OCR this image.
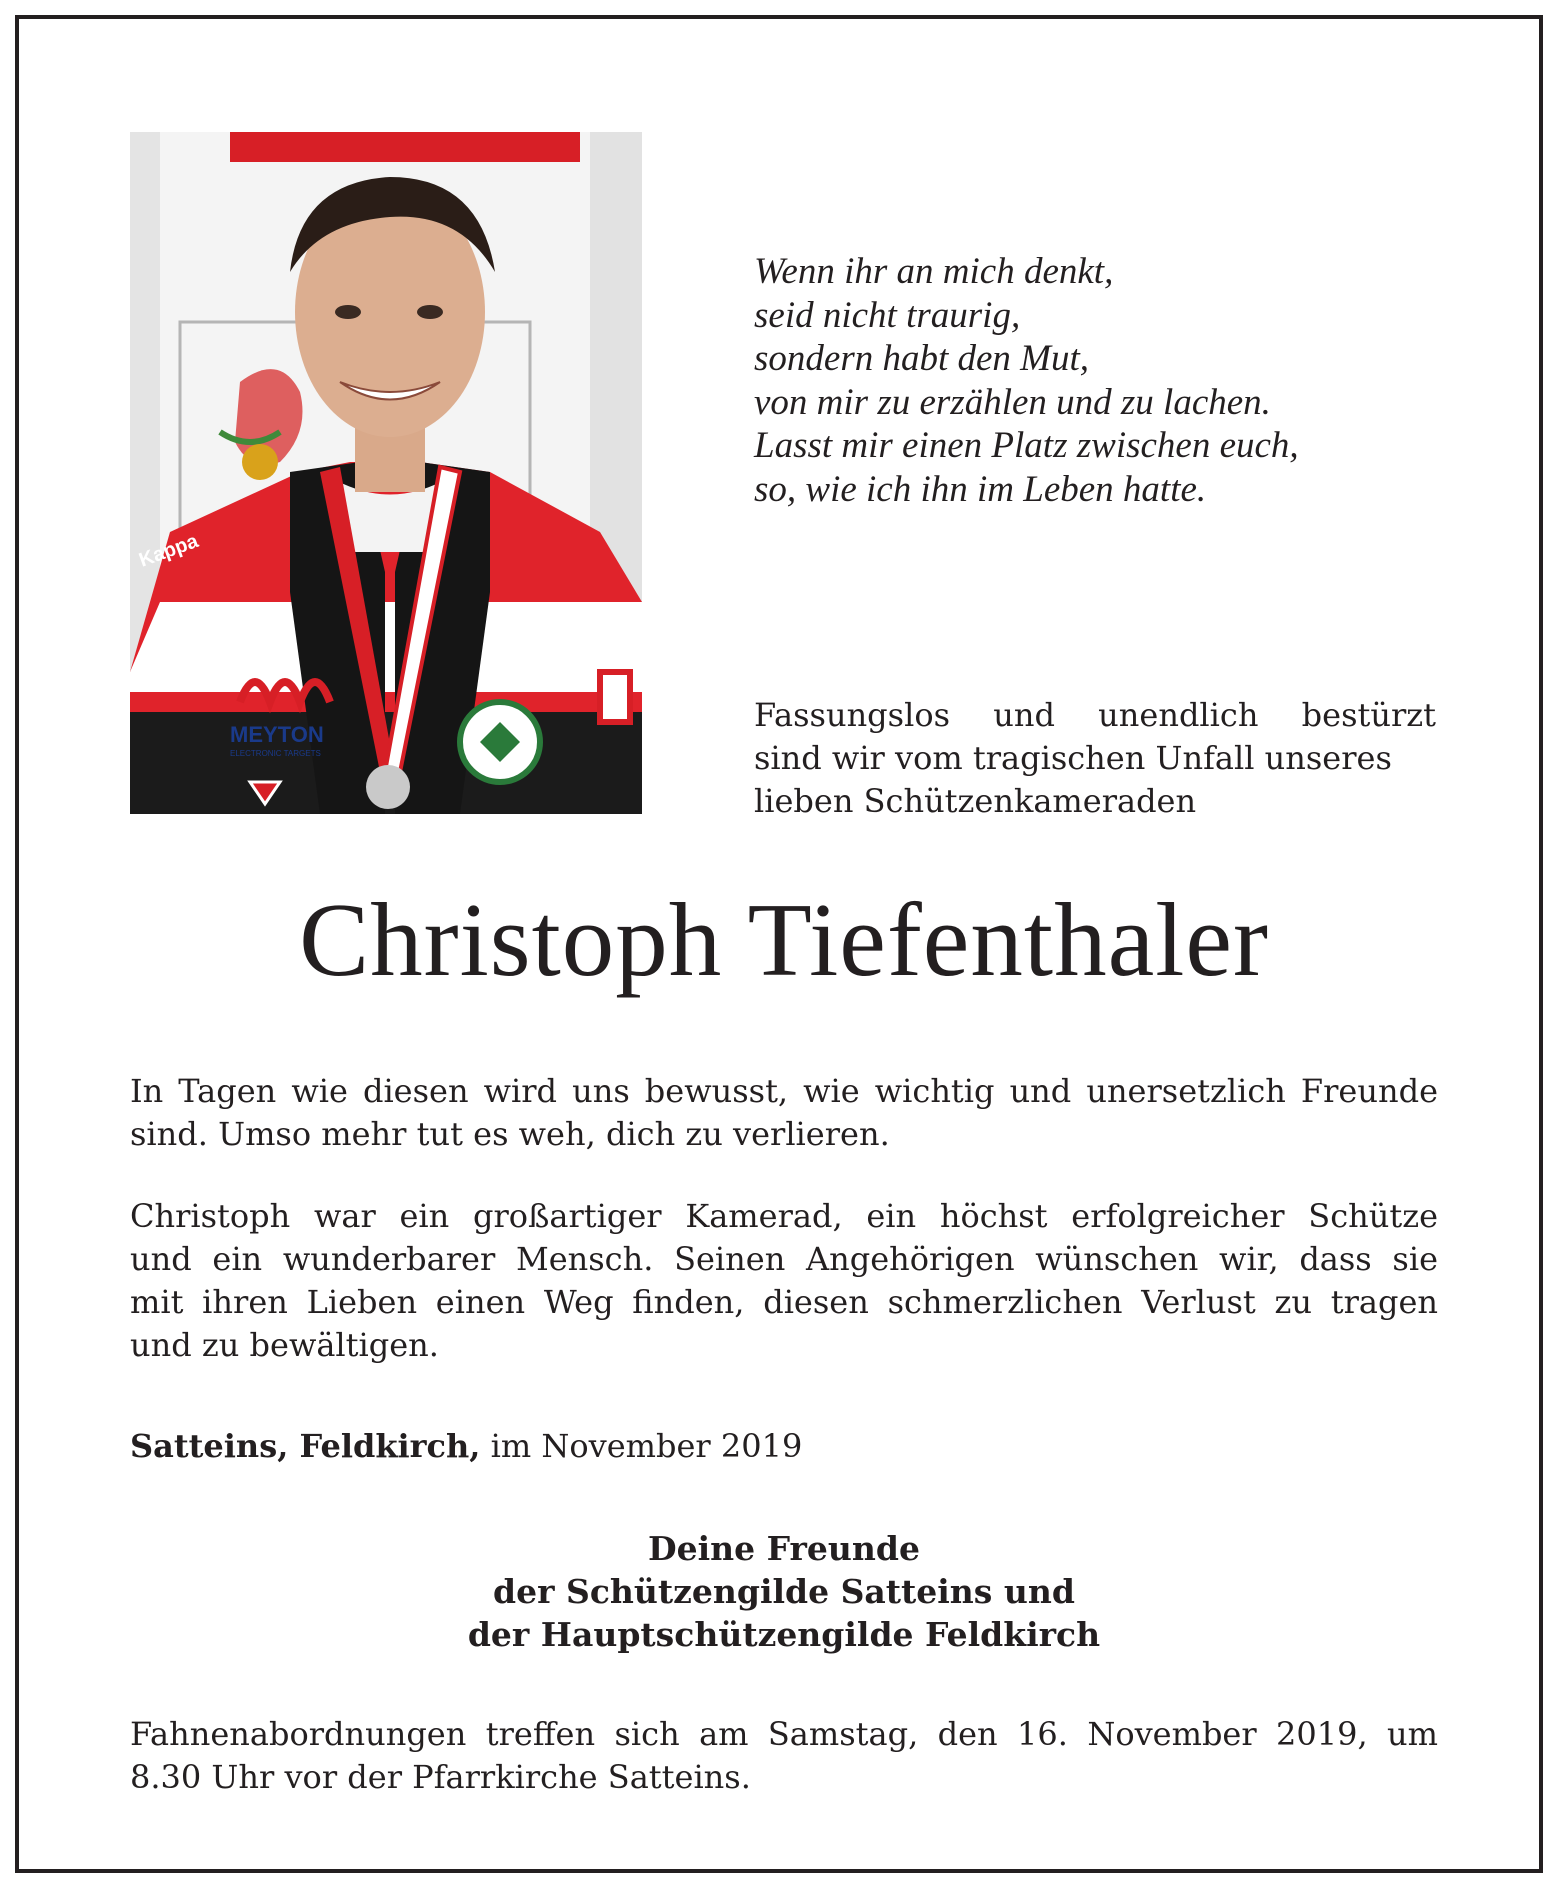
MEYTON
ELECTRONIC TARGETS
Kappa
Wenn ihr an mich denkt,
seid nicht traurig,
sondern habt den Mut,
von mir zu erzählen und zu lachen.
Lasst mir einen Platz zwischen euch,
so, wie ich ihn im Leben hatte.
Fassungslos und unendlich bestürzt
sind wir vom tragischen Unfall unseres
lieben Schützenkameraden
Christoph Tiefenthaler
In Tagen wie diesen wird uns bewusst, wie wichtig und unersetzlich Freunde
sind. Umso mehr tut es weh, dich zu verlieren.
Christoph war ein großartiger Kamerad, ein höchst erfolgreicher Schütze
und ein wunderbarer Mensch. Seinen Angehörigen wünschen wir, dass sie
mit ihren Lieben einen Weg finden, diesen schmerzlichen Verlust zu tragen
und zu bewältigen.
Satteins, Feldkirch, im November 2019
Deine Freunde
der Schützengilde Satteins und
der Hauptschützengilde Feldkirch
Fahnenabordnungen treffen sich am Samstag, den 16. November 2019, um
8.30 Uhr vor der Pfarrkirche Satteins.
